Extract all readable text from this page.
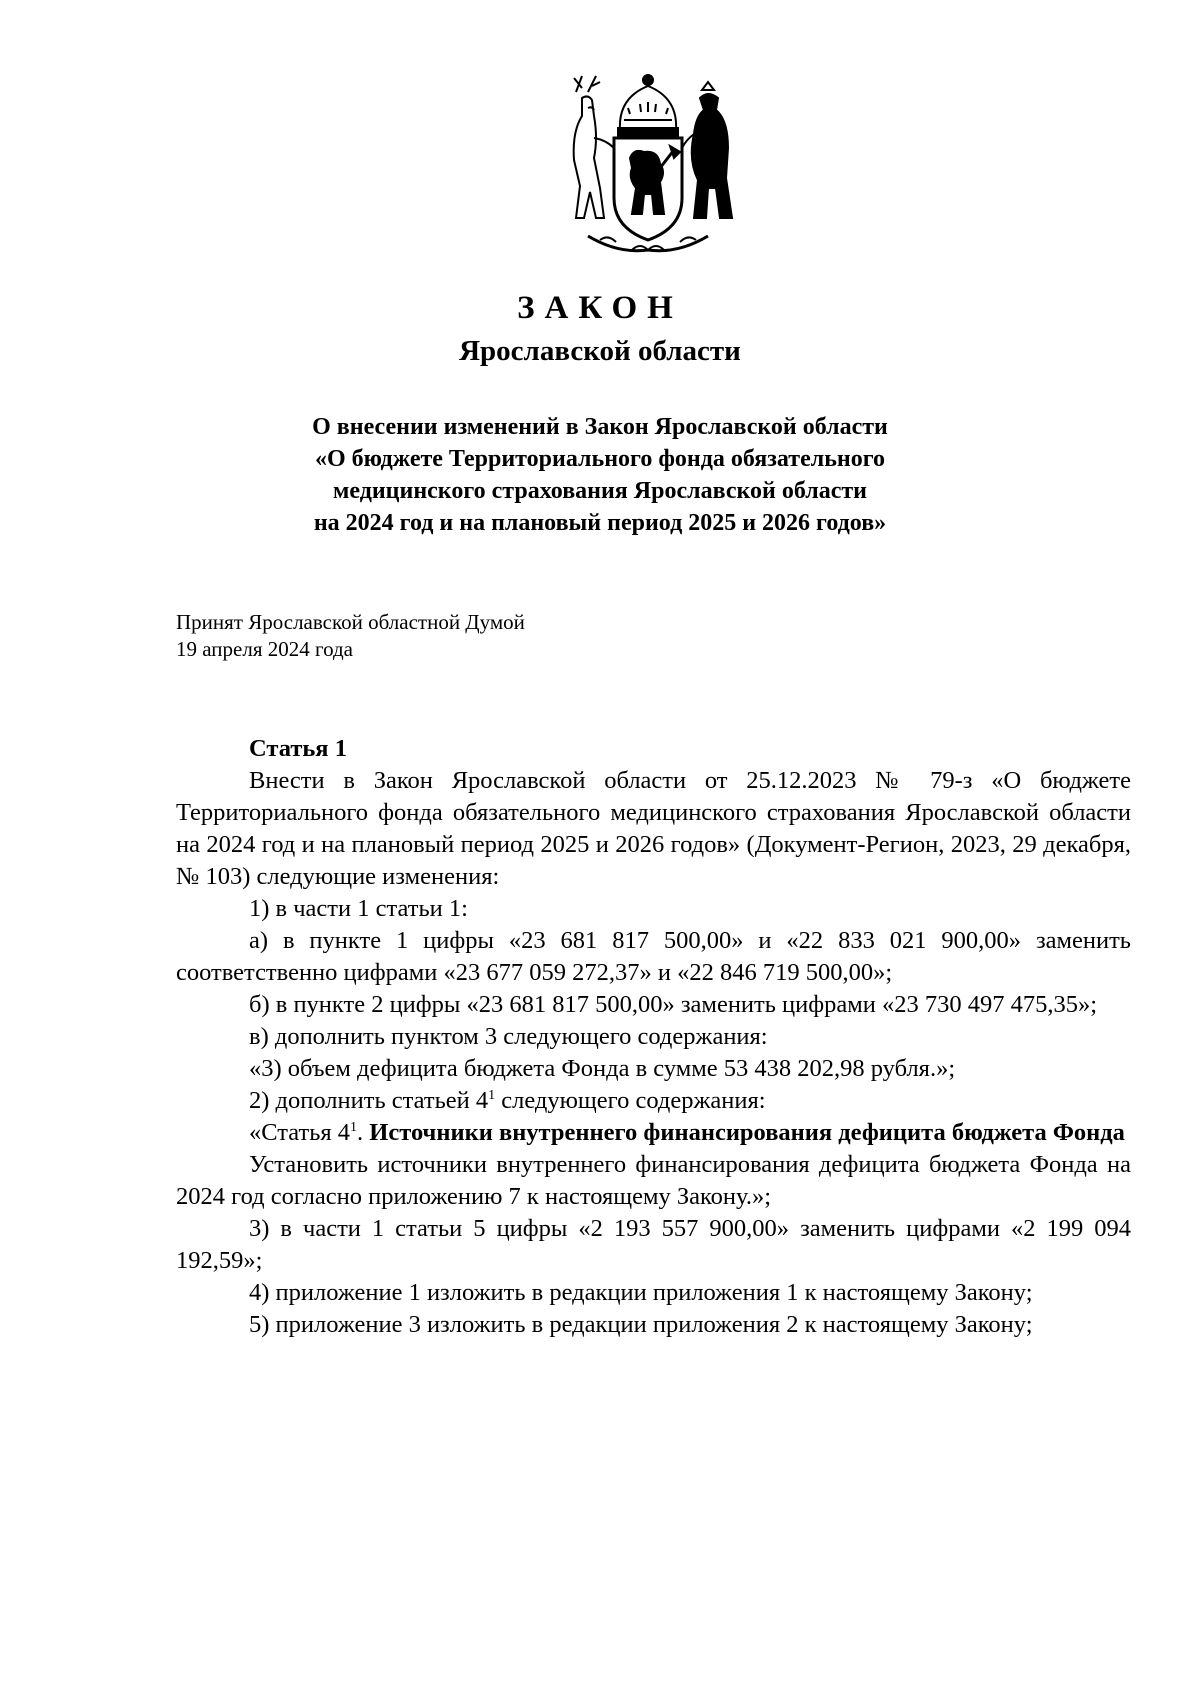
ЗАКОН
Ярославской области
О внесении изменений в Закон Ярославской области
«О бюджете Территориального фонда обязательного
медицинского страхования Ярославской области
на 2024 год и на плановый период 2025 и 2026 годов»
Принят Ярославской областной Думой
19 апреля 2024 года

Статья 1

Внести в Закон Ярославской области от 25.12.2023 № 79-з «О бюджете Территориального фонда обязательного медицинского страхования Ярославской области на 2024 год и на плановый период 2025 и 2026 годов» (Документ-Регион, 2023, 29 декабря, № 103) следующие изменения:

1) в части 1 статьи 1:

а) в пункте 1 цифры «23 681 817 500,00» и «22 833 021 900,00» заменить соответственно цифрами «23 677 059 272,37» и «22 846 719 500,00»;

б) в пункте 2 цифры «23 681 817 500,00» заменить цифрами «23 730 497 475,35»;

в) дополнить пунктом 3 следующего содержания:

«3) объем дефицита бюджета Фонда в сумме 53 438 202,98 рубля.»;

2) дополнить статьей $4^1$ следующего содержания:

«Статья $4^1$. Источники внутреннего финансирования дефицита бюджета Фонда

Установить источники внутреннего финансирования дефицита бюджета Фонда на 2024 год согласно приложению 7 к настоящему Закону.»;

3) в части 1 статьи 5 цифры «2 193 557 900,00» заменить цифрами «2 199 094 192,59»;

4) приложение 1 изложить в редакции приложения 1 к настоящему Закону;

5) приложение 3 изложить в редакции приложения 2 к настоящему Закону;
